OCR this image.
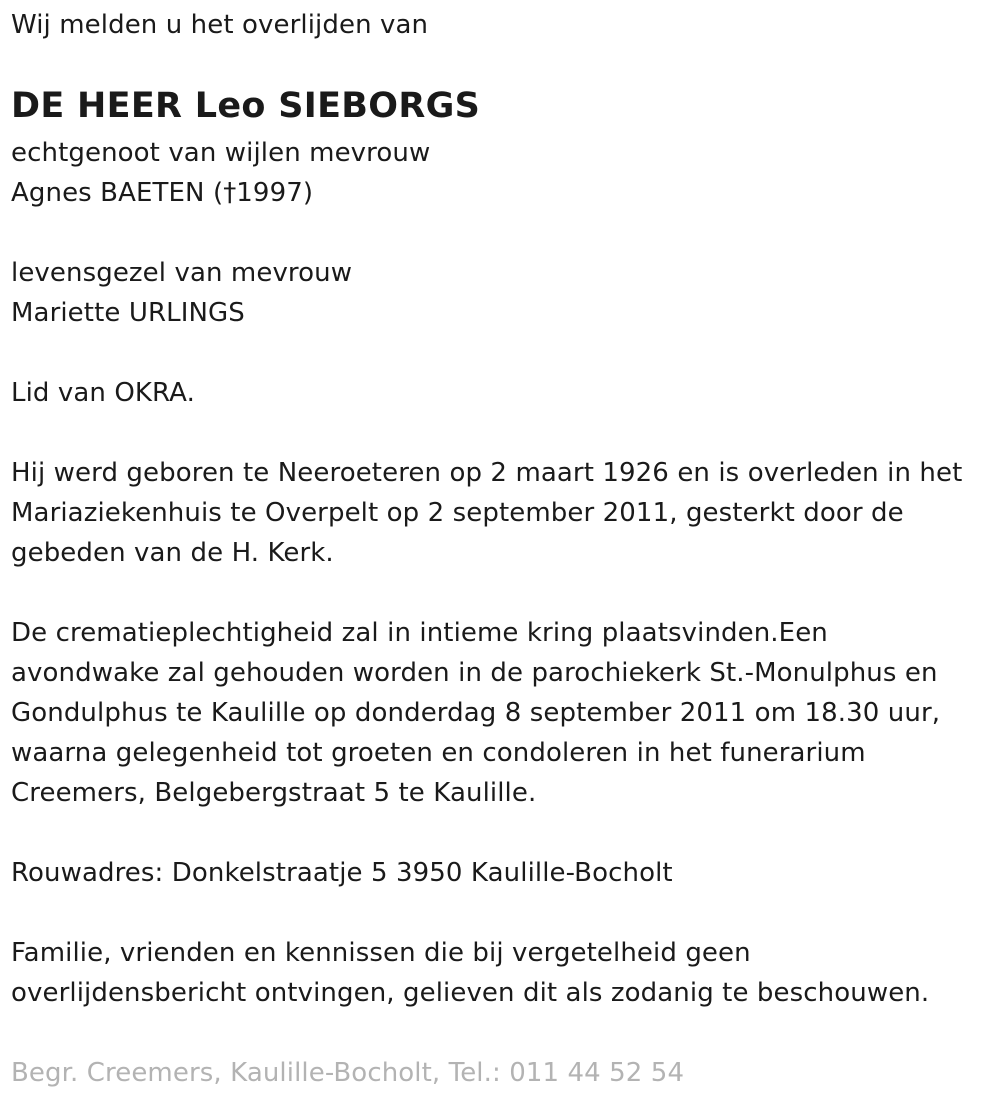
Wij melden u het overlijden van
DE HEER Leo SIEBORGS
echtgenoot van wijlen mevrouw
Agnes BAETEN (†1997)
levensgezel van mevrouw
Mariette URLINGS
Lid van OKRA.
Hij werd geboren te Neeroeteren op 2 maart 1926 en is overleden in het
Mariaziekenhuis te Overpelt op 2 september 2011, gesterkt door de
gebeden van de H. Kerk.
De crematieplechtigheid zal in intieme kring plaatsvinden.Een
avondwake zal gehouden worden in de parochiekerk St.-Monulphus en
Gondulphus te Kaulille op donderdag 8 september 2011 om 18.30 uur,
waarna gelegenheid tot groeten en condoleren in het funerarium
Creemers, Belgebergstraat 5 te Kaulille.
Rouwadres: Donkelstraatje 5 3950 Kaulille-Bocholt
Familie, vrienden en kennissen die bij vergetelheid geen
overlijdensbericht ontvingen, gelieven dit als zodanig te beschouwen.
Begr. Creemers, Kaulille-Bocholt, Tel.: 011 44 52 54
